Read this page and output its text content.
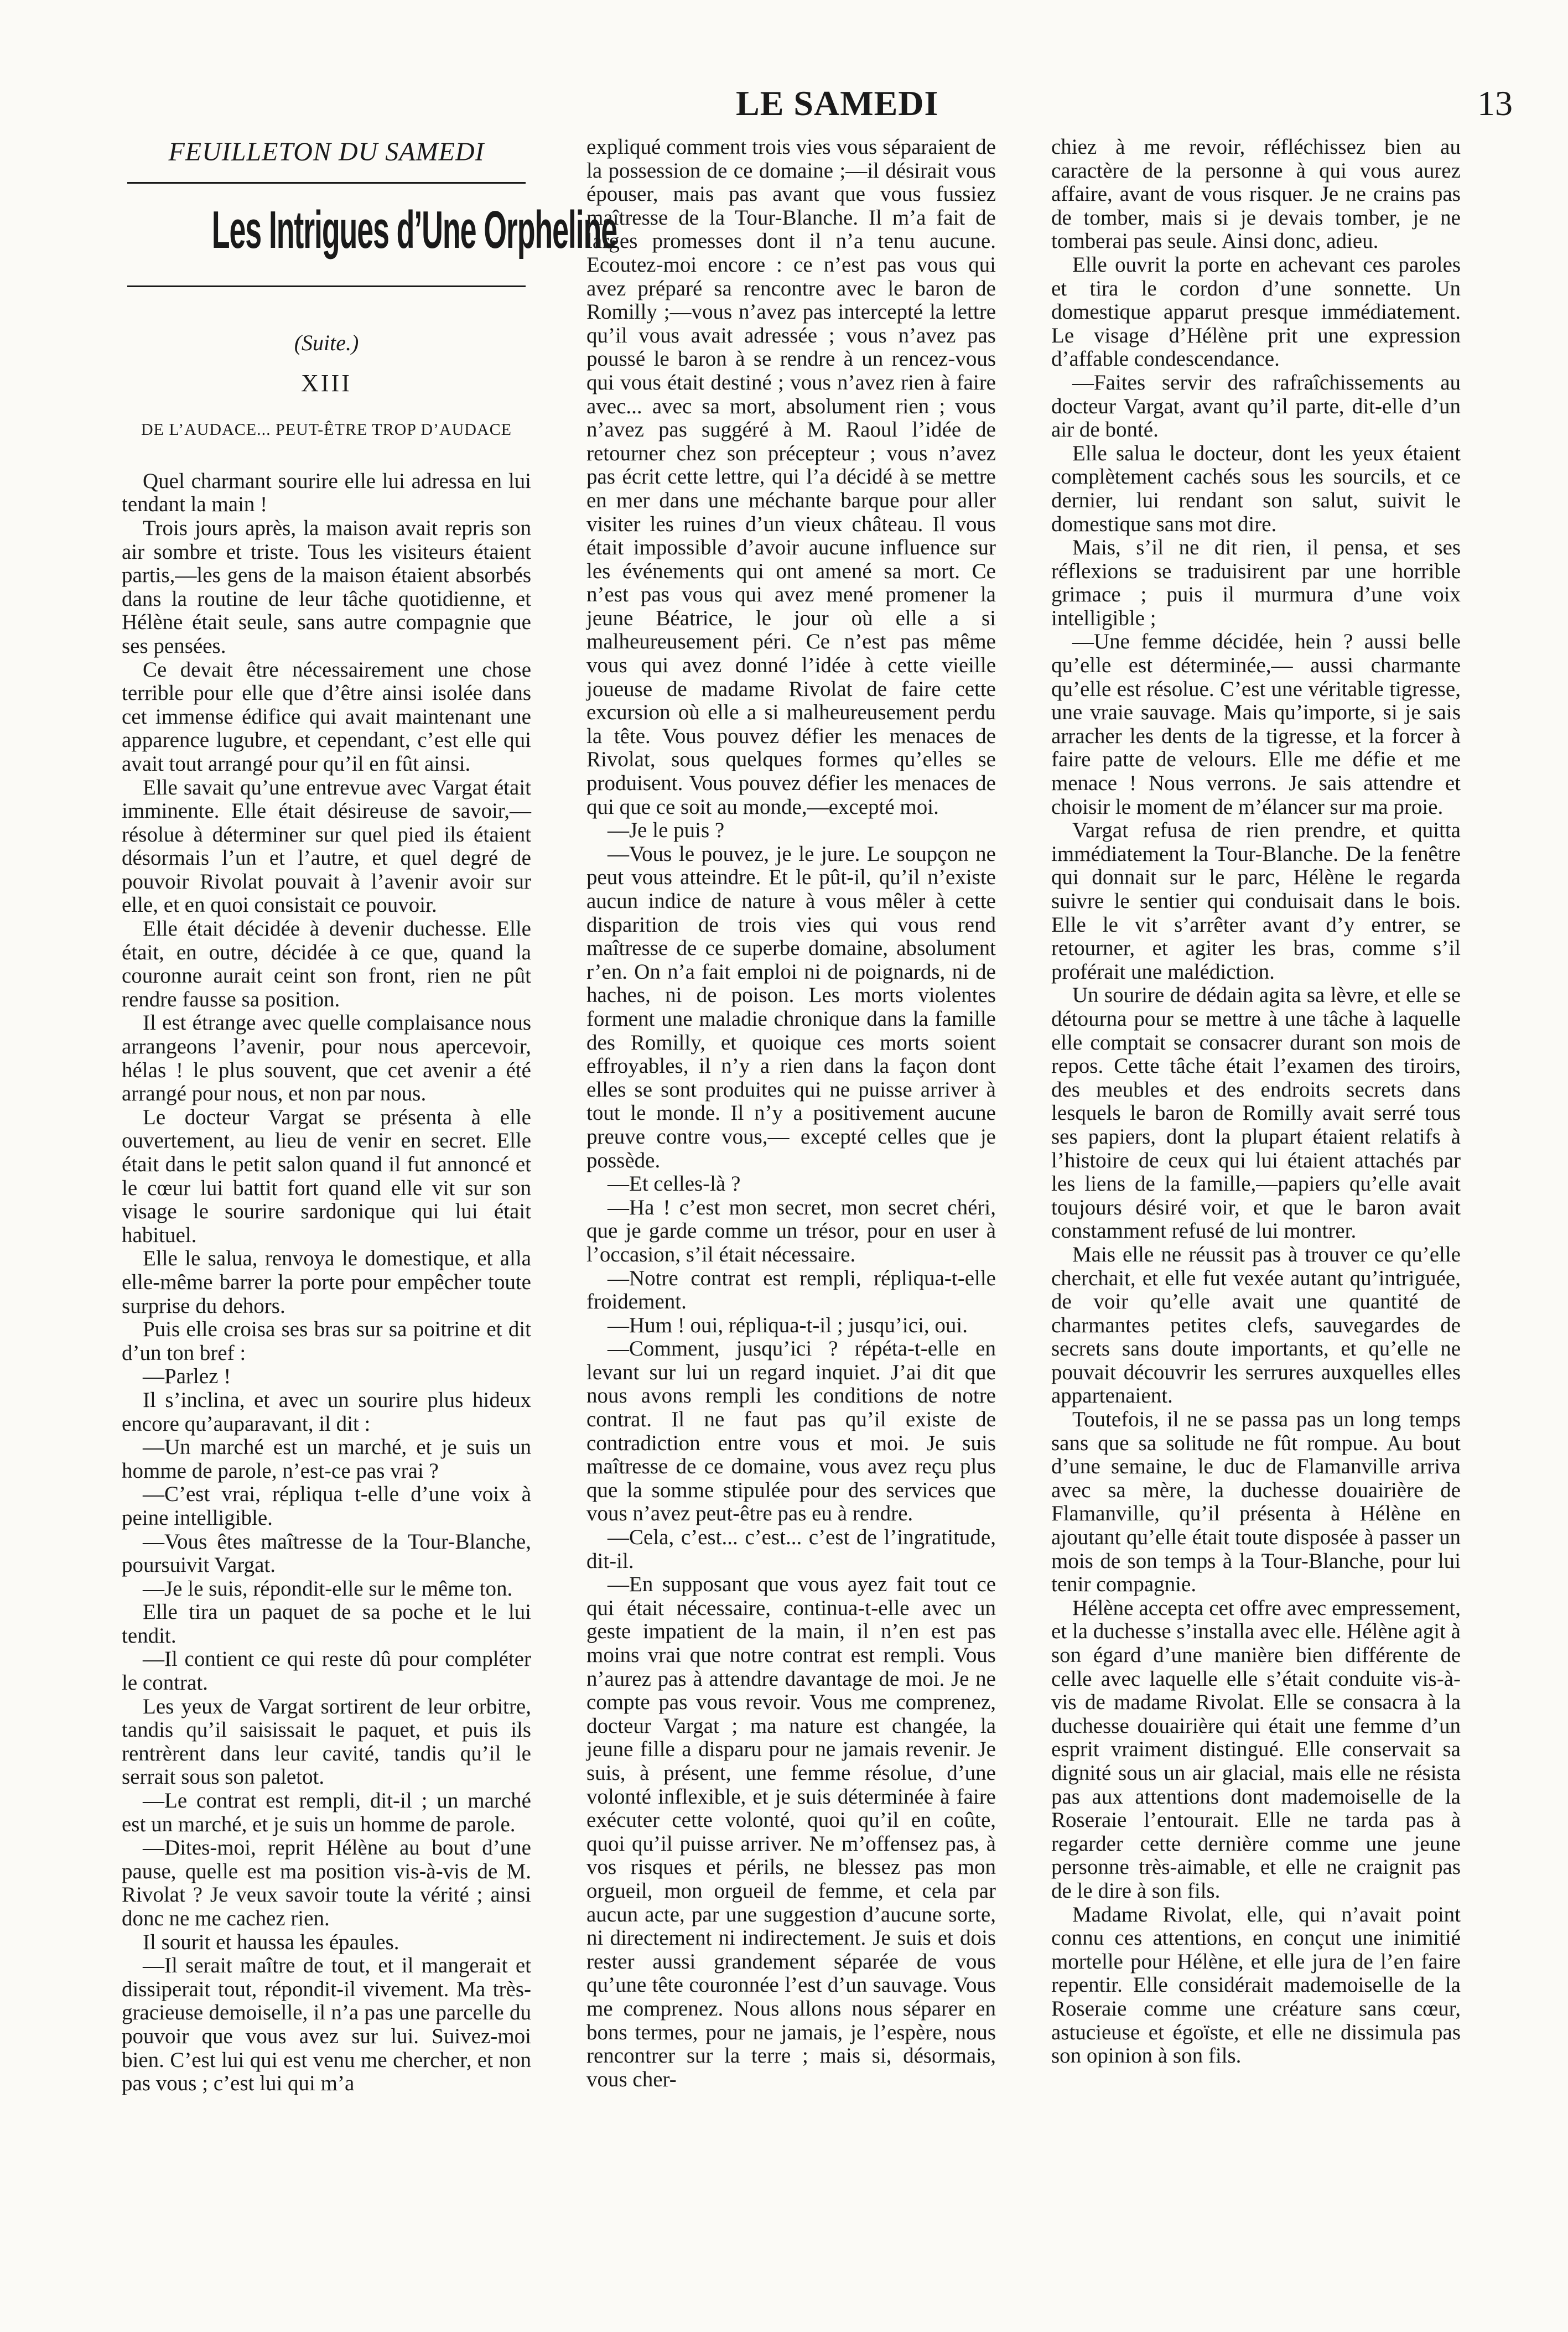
LE SAMEDI	13
FEUILLETON DU SAMEDI
Les Intrigues d’Une Orpheline
(Suite.)
XIII
DE L’AUDACE... PEUT-ÊTRE TROP D’AUDACE

Quel charmant sourire elle lui adressa en lui tendant la main !

Trois jours après, la maison avait repris son air sombre et triste. Tous les visiteurs étaient partis,—les gens de la maison étaient absorbés dans la routine de leur tâche quotidienne, et Hélène était seule, sans autre compagnie que ses pensées.

Ce devait être nécessairement une chose terrible pour elle que d’être ainsi isolée dans cet immense édifice qui avait maintenant une apparence lugubre, et cependant, c’est elle qui avait tout arrangé pour qu’il en fût ainsi.

Elle savait qu’une entrevue avec Vargat était imminente. Elle était désireuse de savoir,—résolue à déterminer sur quel pied ils étaient désormais l’un et l’autre, et quel degré de pouvoir Rivolat pouvait à l’avenir avoir sur elle, et en quoi consistait ce pouvoir.

Elle était décidée à devenir duchesse. Elle était, en outre, décidée à ce que, quand la couronne aurait ceint son front, rien ne pût rendre fausse sa position.

Il est étrange avec quelle complaisance nous arrangeons l’avenir, pour nous apercevoir, hélas ! le plus souvent, que cet avenir a été arrangé pour nous, et non par nous.

Le docteur Vargat se présenta à elle ouvertement, au lieu de venir en secret. Elle était dans le petit salon quand il fut annoncé et le cœur lui battit fort quand elle vit sur son visage le sourire sardonique qui lui était habituel.

Elle le salua, renvoya le domestique, et alla elle-même barrer la porte pour empêcher toute surprise du dehors.

Puis elle croisa ses bras sur sa poitrine et dit d’un ton bref :

—Parlez !

Il s’inclina, et avec un sourire plus hideux encore qu’auparavant, il dit :

—Un marché est un marché, et je suis un homme de parole, n’est-ce pas vrai ?

—C’est vrai, répliqua t-elle d’une voix à peine intelligible.

—Vous êtes maîtresse de la Tour-Blanche, poursuivit Vargat.

—Je le suis, répondit-elle sur le même ton.

Elle tira un paquet de sa poche et le lui tendit.

—Il contient ce qui reste dû pour compléter le contrat.

Les yeux de Vargat sortirent de leur orbitre, tandis qu’il saisissait le paquet, et puis ils rentrèrent dans leur cavité, tandis qu’il le serrait sous son paletot.

—Le contrat est rempli, dit-il ; un marché est un marché, et je suis un homme de parole.

—Dites-moi, reprit Hélène au bout d’une pause, quelle est ma position vis-à-vis de M. Rivolat ? Je veux savoir toute la vérité ; ainsi donc ne me cachez rien.

Il sourit et haussa les épaules.

—Il serait maître de tout, et il mangerait et dissiperait tout, répondit-il vivement. Ma très-gracieuse demoiselle, il n’a pas une parcelle du pouvoir que vous avez sur lui. Suivez-moi bien. C’est lui qui est venu me chercher, et non pas vous ; c’est lui qui m’a

expliqué comment trois vies vous séparaient de la possession de ce domaine ;—il désirait vous épouser, mais pas avant que vous fussiez maîtresse de la Tour-Blanche. Il m’a fait de larges promesses dont il n’a tenu aucune. Ecoutez-moi encore : ce n’est pas vous qui avez préparé sa rencontre avec le baron de Romilly ;—vous n’avez pas intercepté la lettre qu’il vous avait adressée ; vous n’avez pas poussé le baron à se rendre à un rencez-vous qui vous était destiné ; vous n’avez rien à faire avec... avec sa mort, absolument rien ; vous n’avez pas suggéré à M. Raoul l’idée de retourner chez son précepteur ; vous n’avez pas écrit cette lettre, qui l’a décidé à se mettre en mer dans une méchante barque pour aller visiter les ruines d’un vieux château. Il vous était impossible d’avoir aucune influence sur les événements qui ont amené sa mort. Ce n’est pas vous qui avez mené promener la jeune Béatrice, le jour où elle a si malheureusement péri. Ce n’est pas même vous qui avez donné l’idée à cette vieille joueuse de madame Rivolat de faire cette excursion où elle a si malheureusement perdu la tête. Vous pouvez défier les menaces de Rivolat, sous quelques formes qu’elles se produisent. Vous pouvez défier les menaces de qui que ce soit au monde,—excepté moi.

—Je le puis ?

—Vous le pouvez, je le jure. Le soupçon ne peut vous atteindre. Et le pût-il, qu’il n’existe aucun indice de nature à vous mêler à cette disparition de trois vies qui vous rend maîtresse de ce superbe domaine, absolument r’en. On n’a fait emploi ni de poignards, ni de haches, ni de poison. Les morts violentes forment une maladie chronique dans la famille des Romilly, et quoique ces morts soient effroyables, il n’y a rien dans la façon dont elles se sont produites qui ne puisse arriver à tout le monde. Il n’y a positivement aucune preuve contre vous,— excepté celles que je possède.

—Et celles-là ?

—Ha ! c’est mon secret, mon secret chéri, que je garde comme un trésor, pour en user à l’occasion, s’il était nécessaire.

—Notre contrat est rempli, répliqua-t-elle froidement.

—Hum ! oui, répliqua-t-il ; jusqu’ici, oui.

—Comment, jusqu’ici ? répéta-t-elle en levant sur lui un regard inquiet. J’ai dit que nous avons rempli les conditions de notre contrat. Il ne faut pas qu’il existe de contradiction entre vous et moi. Je suis maîtresse de ce domaine, vous avez reçu plus que la somme stipulée pour des services que vous n’avez peut-être pas eu à rendre.

—Cela, c’est... c’est... c’est de l’ingratitude, dit-il.

—En supposant que vous ayez fait tout ce qui était nécessaire, continua-t-elle avec un geste impatient de la main, il n’en est pas moins vrai que notre contrat est rempli. Vous n’aurez pas à attendre davantage de moi. Je ne compte pas vous revoir. Vous me comprenez, docteur Vargat ; ma nature est changée, la jeune fille a disparu pour ne jamais revenir. Je suis, à présent, une femme résolue, d’une volonté inflexible, et je suis déterminée à faire exécuter cette volonté, quoi qu’il en coûte, quoi qu’il puisse arriver. Ne m’offensez pas, à vos risques et périls, ne blessez pas mon orgueil, mon orgueil de femme, et cela par aucun acte, par une suggestion d’aucune sorte, ni directement ni indirectement. Je suis et dois rester aussi grandement séparée de vous qu’une tête couronnée l’est d’un sauvage. Vous me comprenez. Nous allons nous séparer en bons termes, pour ne jamais, je l’espère, nous rencontrer sur la terre ; mais si, désormais, vous cher-

chiez à me revoir, réfléchissez bien au caractère de la personne à qui vous aurez affaire, avant de vous risquer. Je ne crains pas de tomber, mais si je devais tomber, je ne tomberai pas seule. Ainsi donc, adieu.

Elle ouvrit la porte en achevant ces paroles et tira le cordon d’une sonnette. Un domestique apparut presque immédiatement. Le visage d’Hélène prit une expression d’affable condescendance.

—Faites servir des rafraîchissements au docteur Vargat, avant qu’il parte, dit-elle d’un air de bonté.

Elle salua le docteur, dont les yeux étaient complètement cachés sous les sourcils, et ce dernier, lui rendant son salut, suivit le domestique sans mot dire.

Mais, s’il ne dit rien, il pensa, et ses réflexions se traduisirent par une horrible grimace ; puis il murmura d’une voix intelligible ;

—Une femme décidée, hein ? aussi belle qu’elle est déterminée,— aussi charmante qu’elle est résolue. C’est une véritable tigresse, une vraie sauvage. Mais qu’importe, si je sais arracher les dents de la tigresse, et la forcer à faire patte de velours. Elle me défie et me menace ! Nous verrons. Je sais attendre et choisir le moment de m’élancer sur ma proie.

Vargat refusa de rien prendre, et quitta immédiatement la Tour-Blanche. De la fenêtre qui donnait sur le parc, Hélène le regarda suivre le sentier qui conduisait dans le bois. Elle le vit s’arrêter avant d’y entrer, se retourner, et agiter les bras, comme s’il proférait une malédiction.

Un sourire de dédain agita sa lèvre, et elle se détourna pour se mettre à une tâche à laquelle elle comptait se consacrer durant son mois de repos. Cette tâche était l’examen des tiroirs, des meubles et des endroits secrets dans lesquels le baron de Romilly avait serré tous ses papiers, dont la plupart étaient relatifs à l’histoire de ceux qui lui étaient attachés par les liens de la famille,—papiers qu’elle avait toujours désiré voir, et que le baron avait constamment refusé de lui montrer.

Mais elle ne réussit pas à trouver ce qu’elle cherchait, et elle fut vexée autant qu’intriguée, de voir qu’elle avait une quantité de charmantes petites clefs, sauvegardes de secrets sans doute importants, et qu’elle ne pouvait découvrir les serrures auxquelles elles appartenaient.

Toutefois, il ne se passa pas un long temps sans que sa solitude ne fût rompue. Au bout d’une semaine, le duc de Flamanville arriva avec sa mère, la duchesse douairière de Flamanville, qu’il présenta à Hélène en ajoutant qu’elle était toute disposée à passer un mois de son temps à la Tour-Blanche, pour lui tenir compagnie.

Hélène accepta cet offre avec empressement, et la duchesse s’installa avec elle. Hélène agit à son égard d’une manière bien différente de celle avec laquelle elle s’était conduite vis-à-vis de madame Rivolat. Elle se consacra à la duchesse douairière qui était une femme d’un esprit vraiment distingué. Elle conservait sa dignité sous un air glacial, mais elle ne résista pas aux attentions dont mademoiselle de la Roseraie l’entourait. Elle ne tarda pas à regarder cette dernière comme une jeune personne très-aimable, et elle ne craignit pas de le dire à son fils.

Madame Rivolat, elle, qui n’avait point connu ces attentions, en conçut une inimitié mortelle pour Hélène, et elle jura de l’en faire repentir. Elle considérait mademoiselle de la Roseraie comme une créature sans cœur, astucieuse et égoïste, et elle ne dissimula pas son opinion à son fils.
